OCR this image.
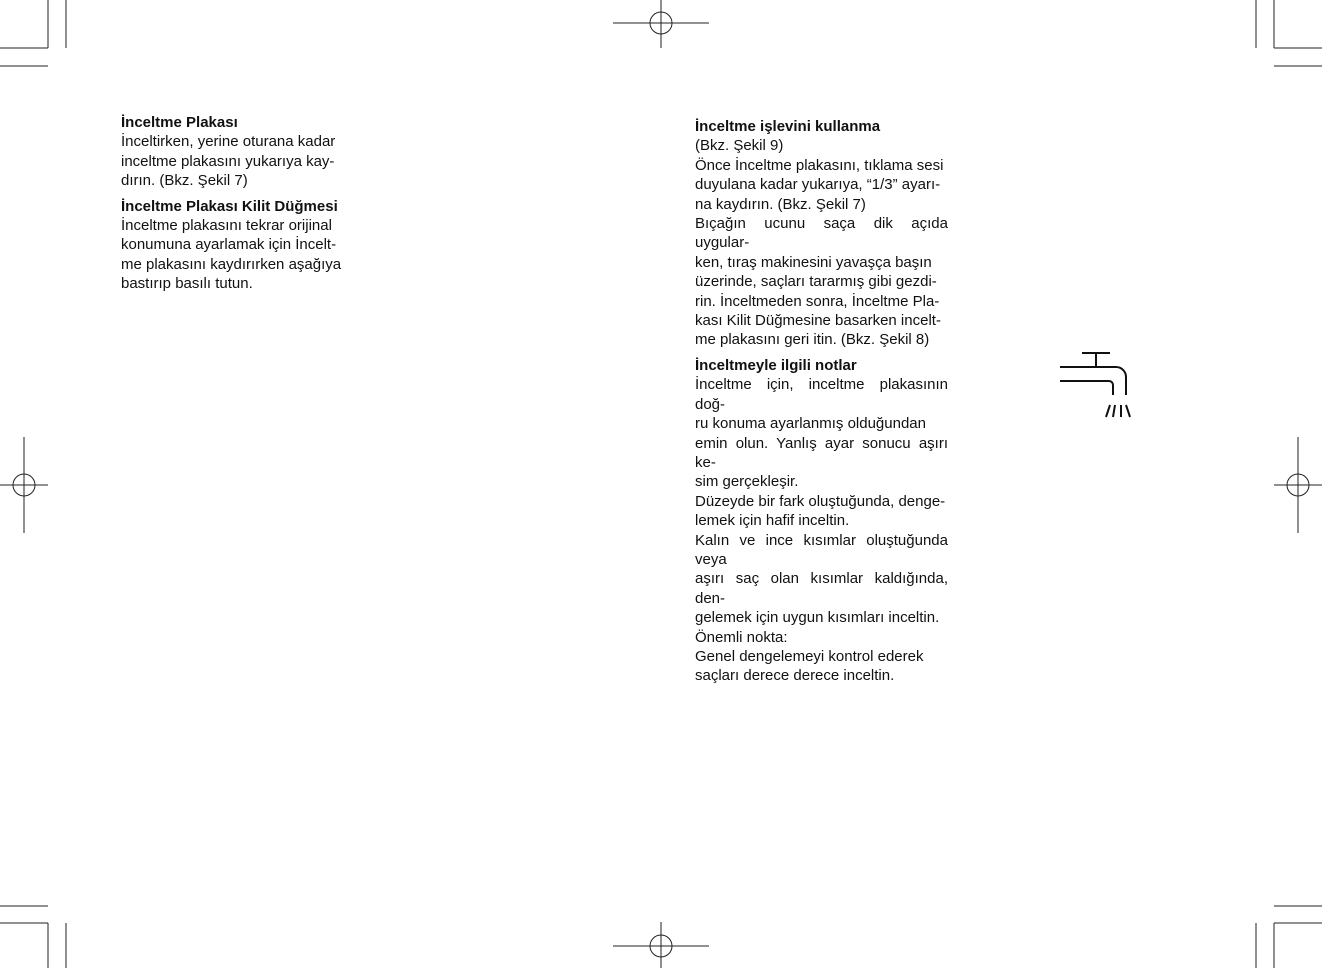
İnceltme Plakası

İnceltirken, yerine oturana kadar
inceltme plakasını yukarıya kay-
dırın. (Bkz. Şekil 7)

İnceltme Plakası Kilit Düğmesi

İnceltme plakasını tekrar orijinal
konumuna ayarlamak için İncelt-
me plakasını kaydırırken aşağıya
bastırıp basılı tutun.

İnceltme işlevini kullanma

(Bkz. Şekil 9)

Önce İnceltme plakasını, tıklama sesi
duyulana kadar yukarıya, “1/3” ayarı-
na kaydırın. (Bkz. Şekil 7)

Bıçağın ucunu saça dik açıda uygular-
ken, tıraş makinesini yavaşça başın
üzerinde, saçları tararmış gibi gezdi-
rin. İnceltmeden sonra, İnceltme Pla-
kası Kilit Düğmesine basarken incelt-
me plakasını geri itin. (Bkz. Şekil 8)

İnceltmeyle ilgili notlar

İnceltme için, inceltme plakasının doğ-
ru konuma ayarlanmış olduğundan
emin olun. Yanlış ayar sonucu aşırı ke-
sim gerçekleşir.

Düzeyde bir fark oluştuğunda, denge-
lemek için hafif inceltin.

Kalın ve ince kısımlar oluştuğunda veya
aşırı saç olan kısımlar kaldığında, den-
gelemek için uygun kısımları inceltin.

Önemli nokta:

Genel dengelemeyi kontrol ederek
saçları derece derece inceltin.
